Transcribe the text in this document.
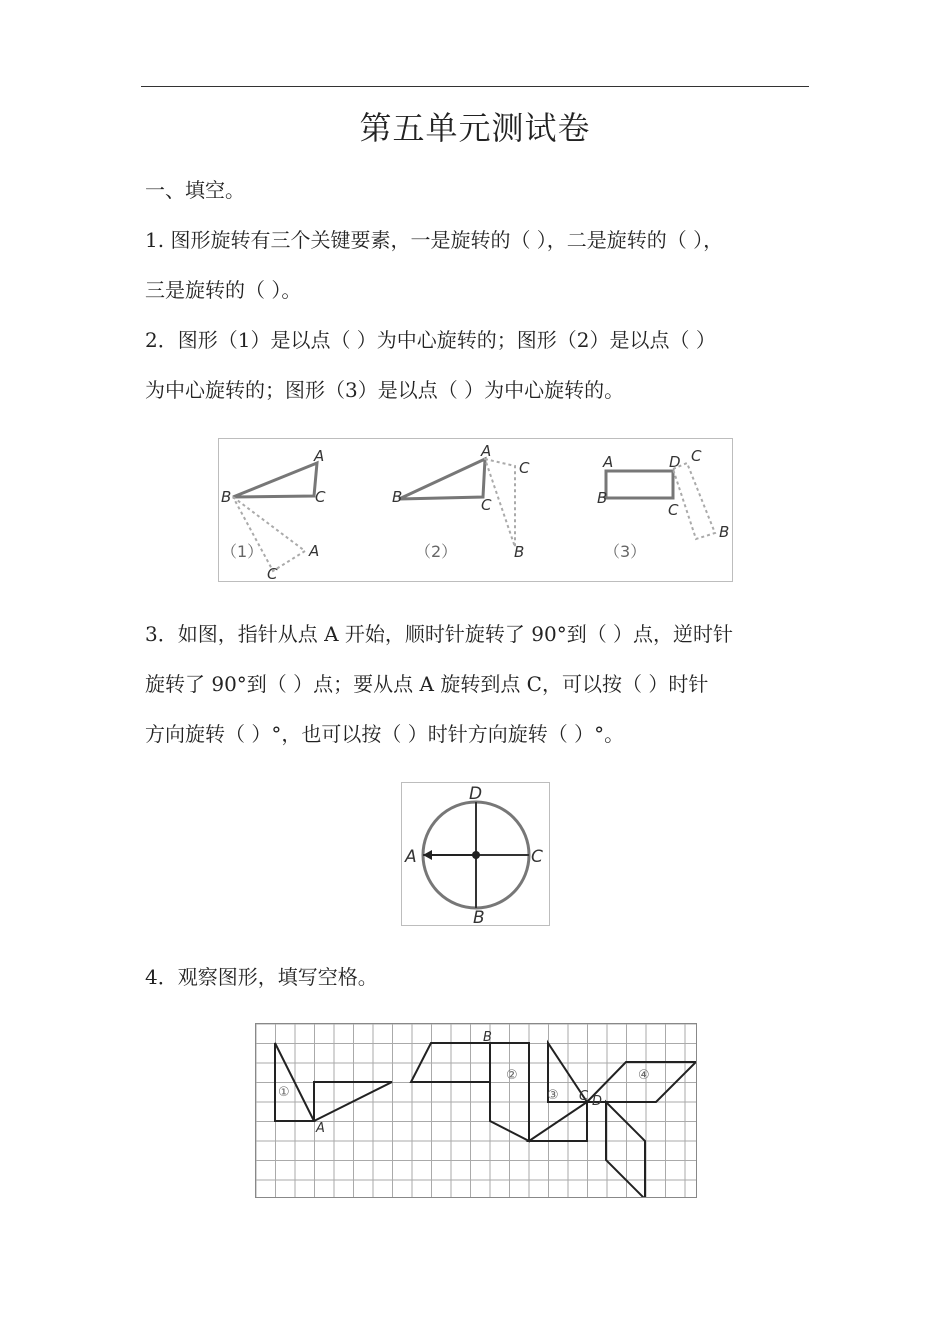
第五单元测试卷
一、填空。
1. 图形旋转有三个关键要素，一是旋转的（ ），二是旋转的（ ），
三是旋转的（ ）。
2．图形（1）是以点（ ）为中心旋转的；图形（2）是以点（ ）
为中心旋转的；图形（3）是以点（ ）为中心旋转的。
A
B	C
A
C
（1）
A
B	C
C
B
（2）
A
B
C
D C
B
（3）
3．如图，指针从点 A 开始，顺时针旋转了 90°到（ ）点，逆时针
旋转了 90°到（ ）点；要从点 A 旋转到点 C，可以按（ ）时针
方向旋转（ ）°，也可以按（ ）时针方向旋转（ ）°。
D
A	C
B
4．观察图形，填写空格。
①
A
②
B
③ C D
④
